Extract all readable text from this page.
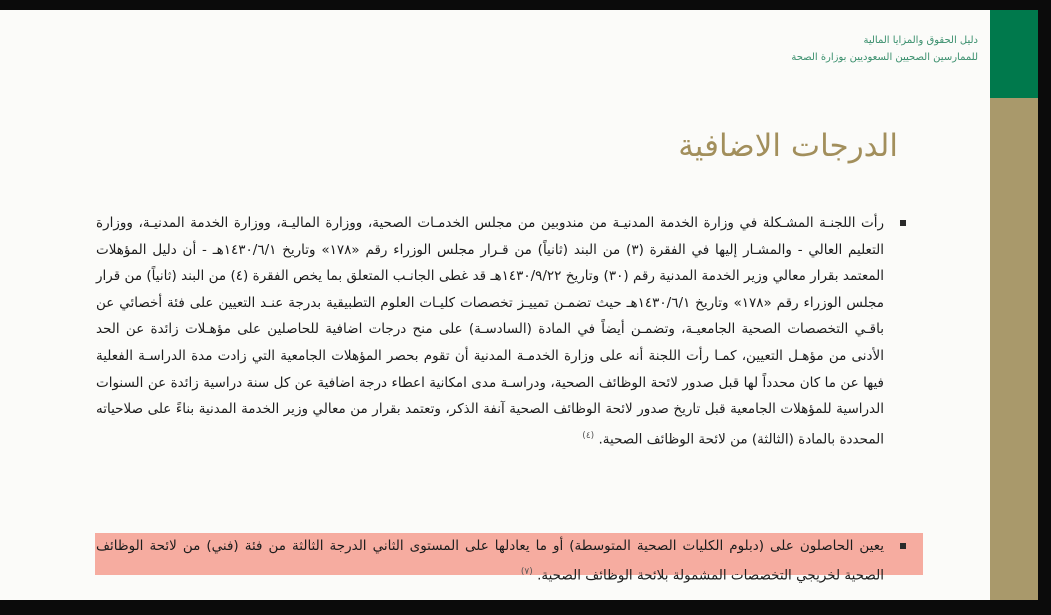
دليل الحقوق والمزايا المالية
للممارسين الصحيين السعوديين بوزارة الصحة
الدرجات الاضافية

رأت اللجنـة المشـكلة في وزارة الخدمة المدنيـة من مندوبين من مجلس الخدمـات الصحية، ووزارة الماليـة، ووزارة الخدمة المدنيـة، ووزارة التعليم العالي - والمشـار إليها في الفقرة (٣) من البند (ثانياً) من قـرار مجلس الوزراء رقم «١٧٨» وتاريخ ١٤٣٠/٦/١هـ - أن دليل المؤهلات المعتمد بقرار معالي وزير الخدمة المدنية رقم (٣٠) وتاريخ ١٤٣٠/٩/٢٢هـ قد غطى الجانـب المتعلق بما يخص الفقرة (٤) من البند (ثانياً) من قرار مجلس الوزراء رقم «١٧٨» وتاريخ ١٤٣٠/٦/١هـ حيث تضمـن تمييـز تخصصات كليـات العلوم التطبيقية بدرجة عنـد التعيين على فئة أخصائي عن باقـي التخصصات الصحية الجامعيـة، وتضمـن أيضاً في المادة (السادسـة) على منح درجات اضافية للحاصلين على مؤهـلات زائدة عن الحد الأدنى من مؤهـل التعيين، كمـا رأت اللجنة أنه على وزارة الخدمـة المدنية أن تقوم بحصر المؤهلات الجامعية التي زادت مدة الدراسـة الفعلية فيها عن ما كان محدداً لها قبل صدور لائحة الوظائف الصحية، ودراسـة مدى امكانية اعطاء درجة اضافية عن كل سنة دراسية زائدة عن السنوات الدراسية للمؤهلات الجامعية قبل تاريخ صدور لائحة الوظائف الصحية آنفة الذكر، وتعتمد بقرار من معالي وزير الخدمة المدنية بناءً على صلاحياته المحددة بالمادة (الثالثة) من لائحة الوظائف الصحية. $^{(٤)}$

يعين الحاصلون على (دبلوم الكليات الصحية المتوسطة) أو ما يعادلها على المستوى الثاني الدرجة الثالثة من فئة (فني) من لائحة الوظائف الصحية لخريجي التخصصات المشمولة بلائحة الوظائف الصحية. $^{(٧)}$
